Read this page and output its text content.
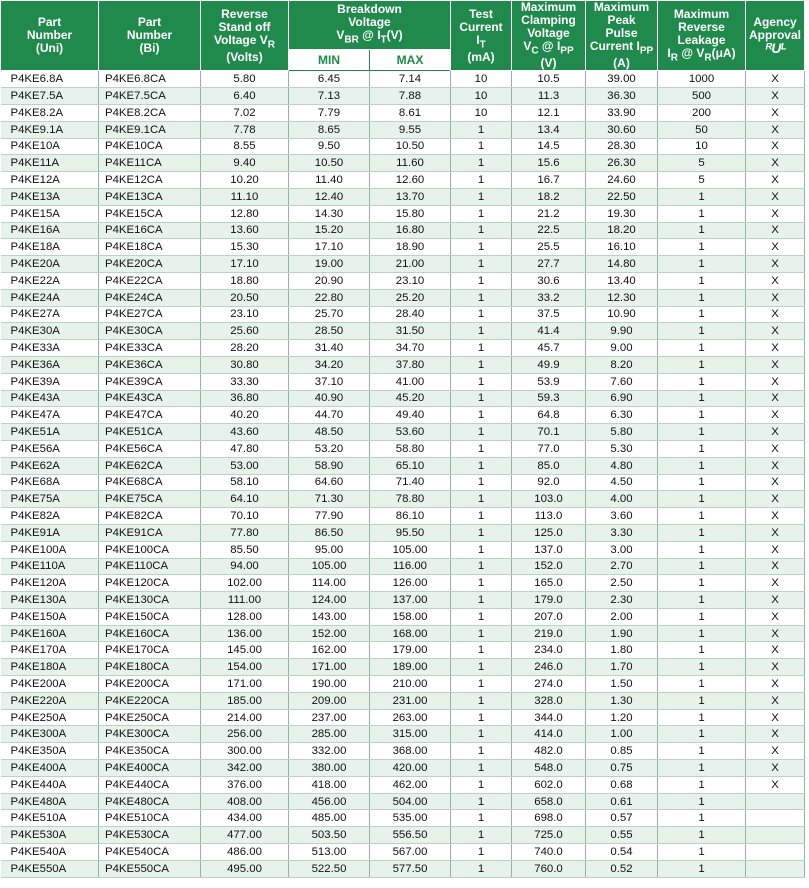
Part
Number
(Uni)	Part
Number
(Bi)	Reverse
Stand off
Voltage $V_R$
(Volts)	Breakdown
Voltage
$V_{BR}$ @ $I_T(V)$		Test
Current
$I_T$
(mA)	Maximum
Clamping
Voltage
$V_C$ @ $I_{PP}$
(V)	Maximum
Peak
Pulse
Current $I_{PP}$
(A)	Maximum
Reverse
Leakage
$I_R$ @ $V_R(\mu A)$	Agency
Approval
ᴿUᴸ
			MIN	MAX					
P4KE6.8A	P4KE6.8CA	5.80	6.45	7.14	10	10.5	39.00	1000	X
P4KE7.5A	P4KE7.5CA	6.40	7.13	7.88	10	11.3	36.30	500	X
P4KE8.2A	P4KE8.2CA	7.02	7.79	8.61	10	12.1	33.90	200	X
P4KE9.1A	P4KE9.1CA	7.78	8.65	9.55	1	13.4	30.60	50	X
P4KE10A	P4KE10CA	8.55	9.50	10.50	1	14.5	28.30	10	X
P4KE11A	P4KE11CA	9.40	10.50	11.60	1	15.6	26.30	5	X
P4KE12A	P4KE12CA	10.20	11.40	12.60	1	16.7	24.60	5	X
P4KE13A	P4KE13CA	11.10	12.40	13.70	1	18.2	22.50	1	X
P4KE15A	P4KE15CA	12.80	14.30	15.80	1	21.2	19.30	1	X
P4KE16A	P4KE16CA	13.60	15.20	16.80	1	22.5	18.20	1	X
P4KE18A	P4KE18CA	15.30	17.10	18.90	1	25.5	16.10	1	X
P4KE20A	P4KE20CA	17.10	19.00	21.00	1	27.7	14.80	1	X
P4KE22A	P4KE22CA	18.80	20.90	23.10	1	30.6	13.40	1	X
P4KE24A	P4KE24CA	20.50	22.80	25.20	1	33.2	12.30	1	X
P4KE27A	P4KE27CA	23.10	25.70	28.40	1	37.5	10.90	1	X
P4KE30A	P4KE30CA	25.60	28.50	31.50	1	41.4	9.90	1	X
P4KE33A	P4KE33CA	28.20	31.40	34.70	1	45.7	9.00	1	X
P4KE36A	P4KE36CA	30.80	34.20	37.80	1	49.9	8.20	1	X
P4KE39A	P4KE39CA	33.30	37.10	41.00	1	53.9	7.60	1	X
P4KE43A	P4KE43CA	36.80	40.90	45.20	1	59.3	6.90	1	X
P4KE47A	P4KE47CA	40.20	44.70	49.40	1	64.8	6.30	1	X
P4KE51A	P4KE51CA	43.60	48.50	53.60	1	70.1	5.80	1	X
P4KE56A	P4KE56CA	47.80	53.20	58.80	1	77.0	5.30	1	X
P4KE62A	P4KE62CA	53.00	58.90	65.10	1	85.0	4.80	1	X
P4KE68A	P4KE68CA	58.10	64.60	71.40	1	92.0	4.50	1	X
P4KE75A	P4KE75CA	64.10	71.30	78.80	1	103.0	4.00	1	X
P4KE82A	P4KE82CA	70.10	77.90	86.10	1	113.0	3.60	1	X
P4KE91A	P4KE91CA	77.80	86.50	95.50	1	125.0	3.30	1	X
P4KE100A	P4KE100CA	85.50	95.00	105.00	1	137.0	3.00	1	X
P4KE110A	P4KE110CA	94.00	105.00	116.00	1	152.0	2.70	1	X
P4KE120A	P4KE120CA	102.00	114.00	126.00	1	165.0	2.50	1	X
P4KE130A	P4KE130CA	111.00	124.00	137.00	1	179.0	2.30	1	X
P4KE150A	P4KE150CA	128.00	143.00	158.00	1	207.0	2.00	1	X
P4KE160A	P4KE160CA	136.00	152.00	168.00	1	219.0	1.90	1	X
P4KE170A	P4KE170CA	145.00	162.00	179.00	1	234.0	1.80	1	X
P4KE180A	P4KE180CA	154.00	171.00	189.00	1	246.0	1.70	1	X
P4KE200A	P4KE200CA	171.00	190.00	210.00	1	274.0	1.50	1	X
P4KE220A	P4KE220CA	185.00	209.00	231.00	1	328.0	1.30	1	X
P4KE250A	P4KE250CA	214.00	237.00	263.00	1	344.0	1.20	1	X
P4KE300A	P4KE300CA	256.00	285.00	315.00	1	414.0	1.00	1	X
P4KE350A	P4KE350CA	300.00	332.00	368.00	1	482.0	0.85	1	X
P4KE400A	P4KE400CA	342.00	380.00	420.00	1	548.0	0.75	1	X
P4KE440A	P4KE440CA	376.00	418.00	462.00	1	602.0	0.68	1	X
P4KE480A	P4KE480CA	408.00	456.00	504.00	1	658.0	0.61	1	
P4KE510A	P4KE510CA	434.00	485.00	535.00	1	698.0	0.57	1	
P4KE530A	P4KE530CA	477.00	503.50	556.50	1	725.0	0.55	1	
P4KE540A	P4KE540CA	486.00	513.00	567.00	1	740.0	0.54	1	
P4KE550A	P4KE550CA	495.00	522.50	577.50	1	760.0	0.52	1	
